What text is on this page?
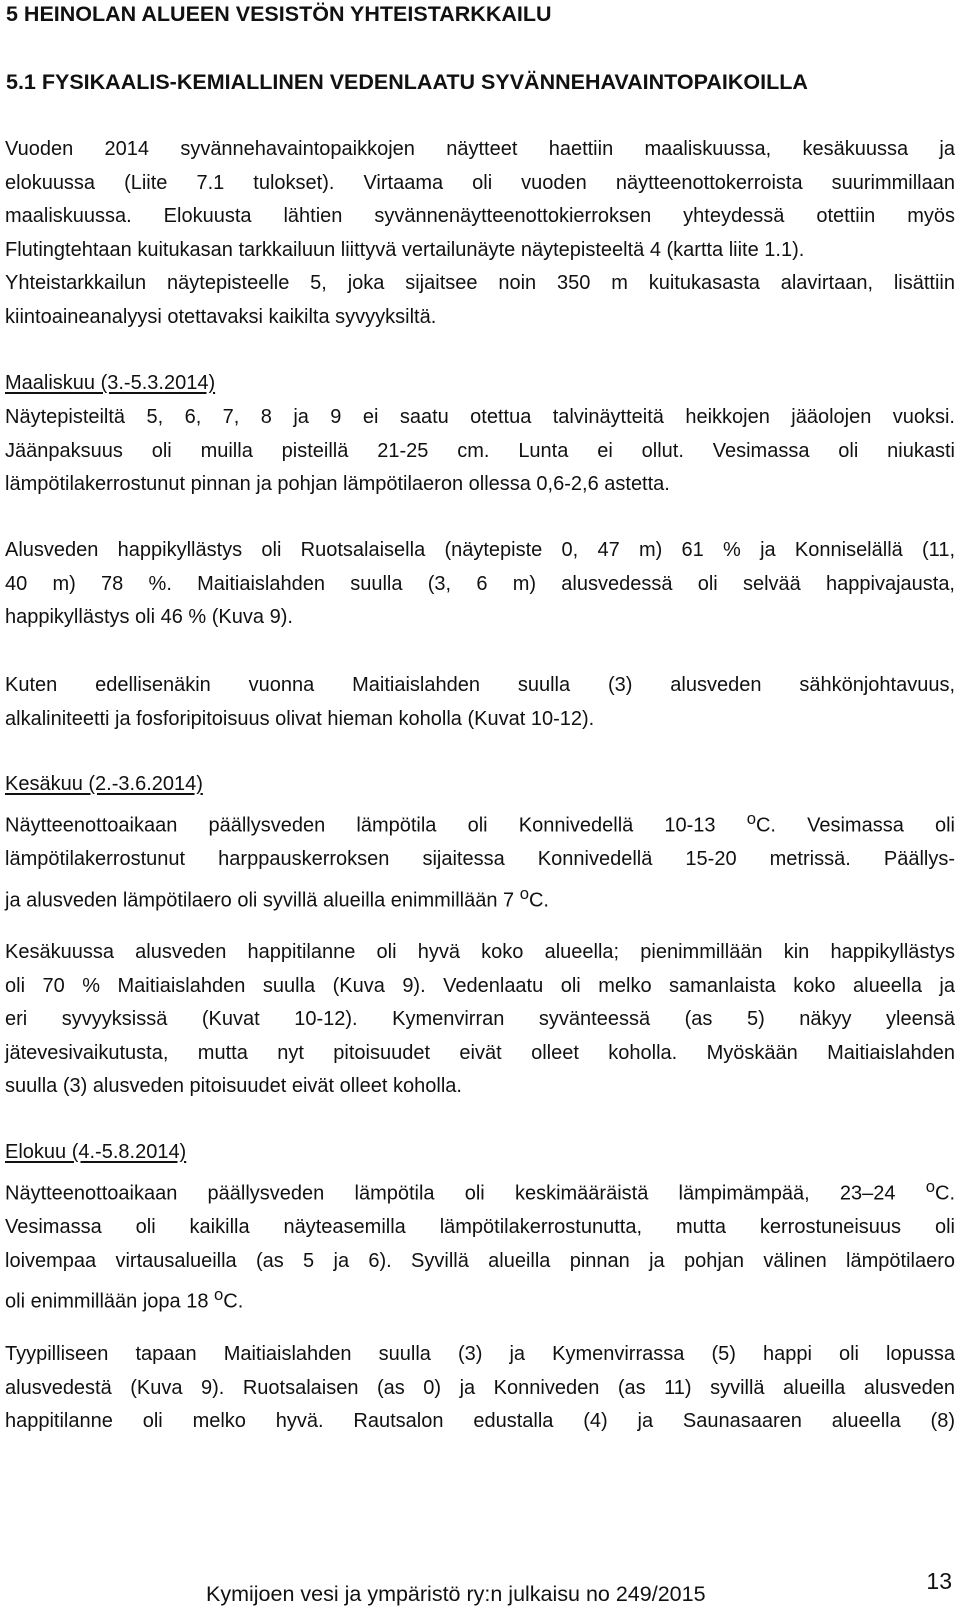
5 HEINOLAN ALUEEN VESISTÖN YHTEISTARKKAILU
5.1 FYSIKAALIS-KEMIALLINEN VEDENLAATU SYVÄNNEHAVAINTOPAIKOILLA

Vuoden 2014 syvännehavaintopaikkojen näytteet haettiin maaliskuussa, kesäkuussa ja
elokuussa (Liite 7.1 tulokset). Virtaama oli vuoden näytteenottokerroista suurimmillaan
maaliskuussa. Elokuusta lähtien syvännenäytteenottokierroksen yhteydessä otettiin myös
Flutingtehtaan kuitukasan tarkkailuun liittyvä vertailunäyte näytepisteeltä 4 (kartta liite 1.1).
Yhteistarkkailun näytepisteelle 5, joka sijaitsee noin 350 m kuitukasasta alavirtaan, lisättiin
kiintoaineanalyysi otettavaksi kaikilta syvyyksiltä.

Maaliskuu (3.-5.3.2014)

Näytepisteiltä 5, 6, 7, 8 ja 9 ei saatu otettua talvinäytteitä heikkojen jääolojen vuoksi.
Jäänpaksuus oli muilla pisteillä 21-25 cm. Lunta ei ollut. Vesimassa oli niukasti
lämpötilakerrostunut pinnan ja pohjan lämpötilaeron ollessa 0,6-2,6 astetta.

Alusveden happikyllästys oli Ruotsalaisella (näytepiste 0, 47 m) 61 % ja Konniselällä (11,
40 m) 78 %. Maitiaislahden suulla (3, 6 m) alusvedessä oli selvää happivajausta,
happikyllästys oli 46 % (Kuva 9).

Kuten edellisenäkin vuonna Maitiaislahden suulla (3) alusveden sähkönjohtavuus,
alkaliniteetti ja fosforipitoisuus olivat hieman koholla (Kuvat 10-12).

Kesäkuu (2.-3.6.2014)

Näytteenottoaikaan päällysveden lämpötila oli Konnivedellä 10-13 $^o$C. Vesimassa oli
lämpötilakerrostunut harppauskerroksen sijaitessa Konnivedellä 15-20 metrissä. Päällys-
ja alusveden lämpötilaero oli syvillä alueilla enimmillään 7 $^o$C.

Kesäkuussa alusveden happitilanne oli hyvä koko alueella; pienimmillään kin happikyllästys
oli 70 % Maitiaislahden suulla (Kuva 9). Vedenlaatu oli melko samanlaista koko alueella ja
eri syvyyksissä (Kuvat 10-12). Kymenvirran syvänteessä (as 5) näkyy yleensä
jätevesivaikutusta, mutta nyt pitoisuudet eivät olleet koholla. Myöskään Maitiaislahden
suulla (3) alusveden pitoisuudet eivät olleet koholla.

Elokuu (4.-5.8.2014)

Näytteenottoaikaan päällysveden lämpötila oli keskimääräistä lämpimämpää, 23–24 $^o$C.
Vesimassa oli kaikilla näyteasemilla lämpötilakerrostunutta, mutta kerrostuneisuus oli
loivempaa virtausalueilla (as 5 ja 6). Syvillä alueilla pinnan ja pohjan välinen lämpötilaero
oli enimmillään jopa 18 $^o$C.

Tyypilliseen tapaan Maitiaislahden suulla (3) ja Kymenvirrassa (5) happi oli lopussa
alusvedestä (Kuva 9). Ruotsalaisen (as 0) ja Konniveden (as 11) syvillä alueilla alusveden
happitilanne oli melko hyvä. Rautsalon edustalla (4) ja Saunasaaren alueella (8)

Kymijoen vesi ja ympäristö ry:n julkaisu no 249/2015	13
